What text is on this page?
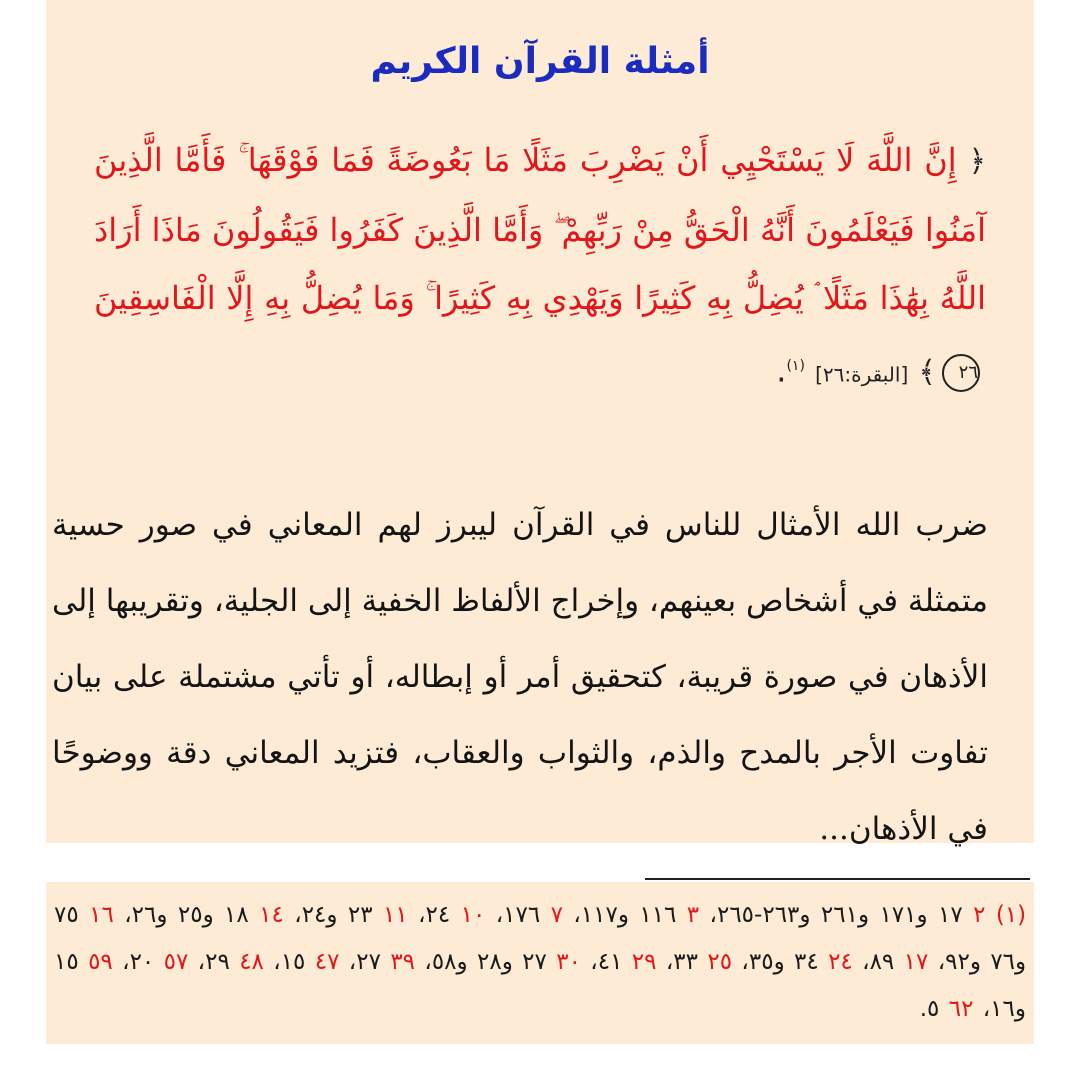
أمثلة القرآن الكريم
﴿ إِنَّ اللَّهَ لَا يَسْتَحْيِي أَنْ يَضْرِبَ مَثَلًا مَا بَعُوضَةً فَمَا فَوْقَهَا ۚ فَأَمَّا الَّذِينَ آمَنُوا فَيَعْلَمُونَ أَنَّهُ الْحَقُّ مِنْ رَبِّهِمْ ۖ وَأَمَّا الَّذِينَ كَفَرُوا فَيَقُولُونَ مَاذَا أَرَادَ اللَّهُ بِهَٰذَا مَثَلًا ۘ يُضِلُّ بِهِ كَثِيرًا وَيَهْدِي بِهِ كَثِيرًا ۚ وَمَا يُضِلُّ بِهِ إِلَّا الْفَاسِقِينَ ٢٦﴾ [البقرة:٢٦] $^{(١)}$.

ضرب الله الأمثال للناس في القرآن ليبرز لهم المعاني في صور حسية متمثلة في أشخاص بعينهم، وإخراج الألفاظ الخفية إلى الجلية، وتقريبها إلى الأذهان في صورة قريبة، كتحقيق أمر أو إبطاله، أو تأتي مشتملة على بيان تفاوت الأجر بالمدح والذم، والثواب والعقاب، فتزيد المعاني دقة ووضوحًا في الأذهان...

(١) ٢ ١٧ و١٧١ و٢٦١ و٢٦٣-٢٦٥، ٣ ١١٦ و١١٧، ٧ ١٧٦، ١٠ ٢٤، ١١ ٢٣ و٢٤، ١٤ ١٨ و٢٥ و٢٦، ١٦ ٧٥ و٧٦ و٩٢، ١٧ ٨٩، ٢٤ ٣٤ و٣٥، ٢٥ ٣٣، ٢٩ ٤١، ٣٠ ٢٧ و٢٨ و٥٨، ٣٩ ٢٧، ٤٧ ١٥، ٤٨ ٢٩، ٥٧ ٢٠، ٥٩ ١٥ و١٦، ٦٢ ٥.
